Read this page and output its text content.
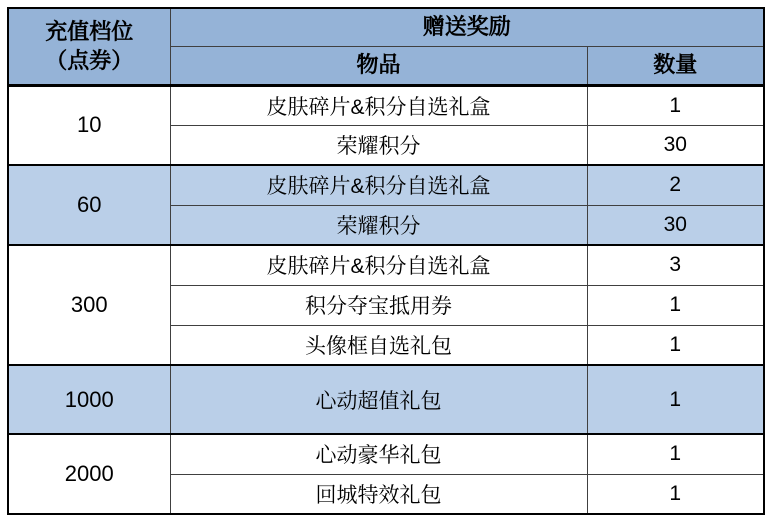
充值档位
（点券）	赠送奖励	
	物品	数量
10	皮肤碎片&积分自选礼盒	1
	荣耀积分	30
60	皮肤碎片&积分自选礼盒	2
	荣耀积分	30
300	皮肤碎片&积分自选礼盒	3
	积分夺宝抵用券	1
	头像框自选礼包	1
1000	心动超值礼包	1
2000	心动豪华礼包	1
	回城特效礼包	1
